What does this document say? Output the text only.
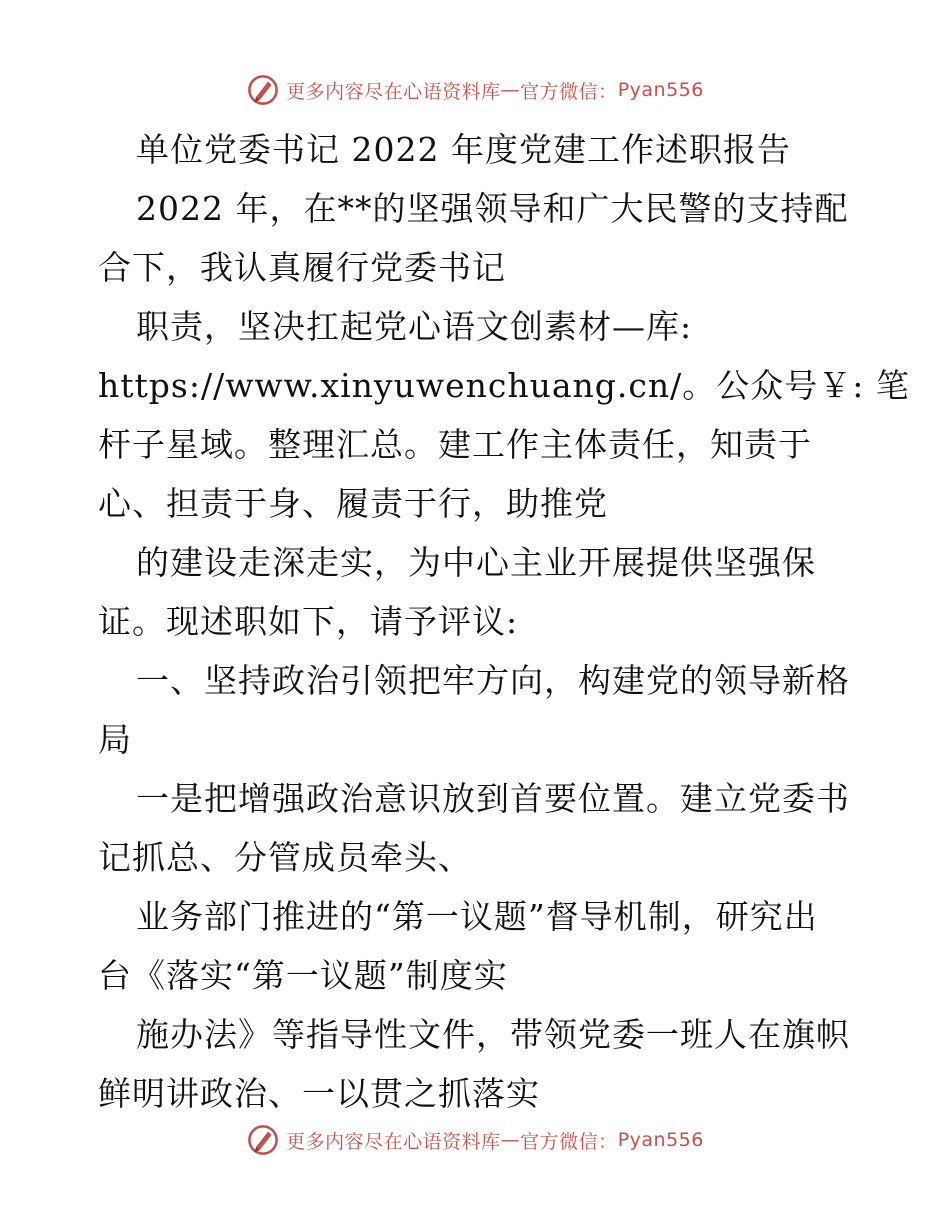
更多内容尽在心语资料库 — 官方微信： Pyan556
单位党委书记 2022 年度党建工作述职报告
2022 年，在**的坚强领导和广大民警的支持配
合下，我认真履行党委书记
职责，坚决扛起党心语文创素材—库:
https://www.xinyuwenchuang.cn/。公众号￥: 笔
杆子星域。整理汇总。建工作主体责任，知责于
心、担责于身、履责于行，助推党
的建设走深走实，为中心主业开展提供坚强保
证。现述职如下，请予评议:
一、坚持政治引领把牢方向，构建党的领导新格
局
一是把增强政治意识放到首要位置。建立党委书
记抓总、分管成员牵头、
业务部门推进的“第一议题”督导机制，研究出
台《落实“第一议题”制度实
施办法》等指导性文件，带领党委一班人在旗帜
鲜明讲政治、一以贯之抓落实
更多内容尽在心语资料库 — 官方微信： Pyan556
